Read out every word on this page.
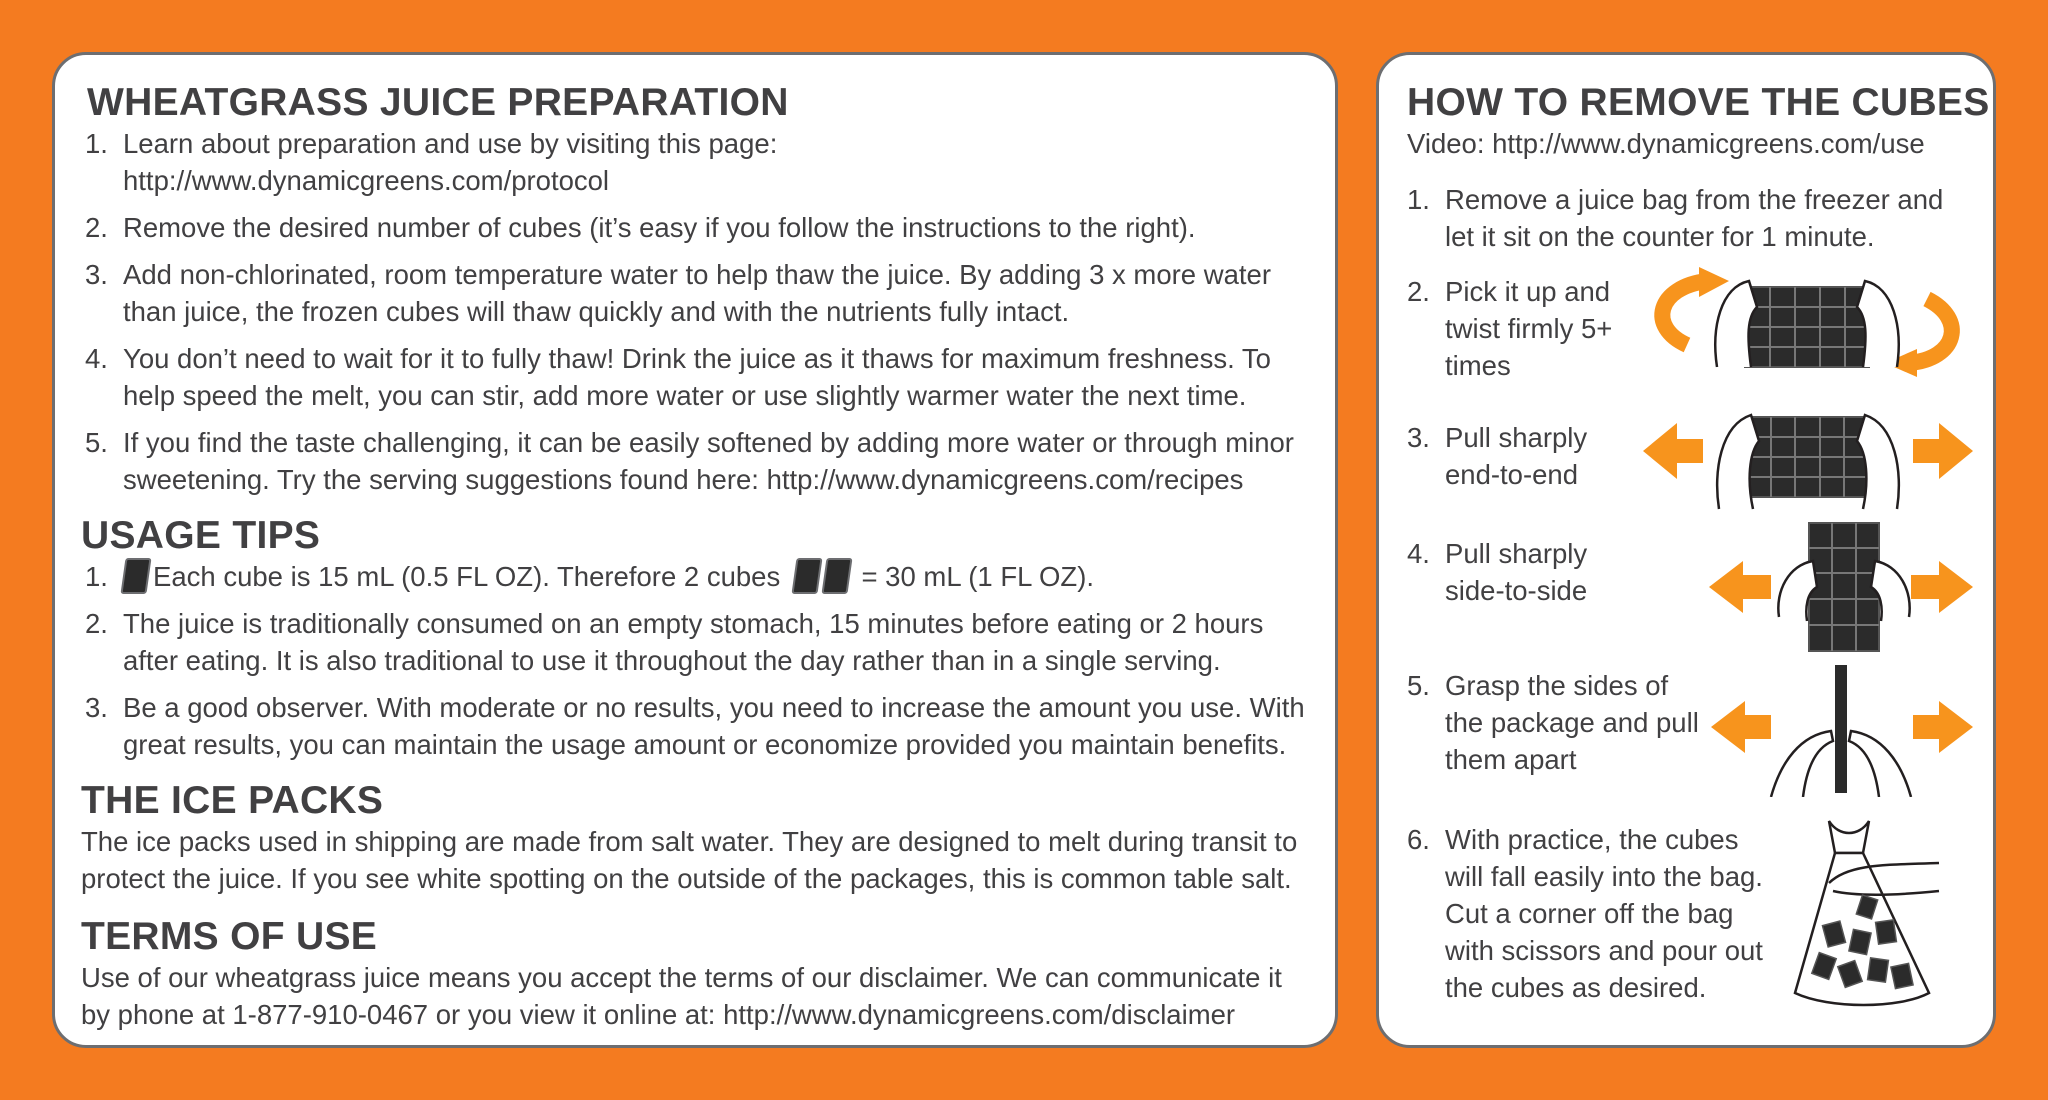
WHEATGRASS JUICE PREPARATION
1. Learn about preparation and use by visiting this page:
http://www.dynamicgreens.com/protocol
2. Remove the desired number of cubes (it’s easy if you follow the instructions to the right).
3. Add non-chlorinated, room temperature water to help thaw the juice. By adding 3 x more water
than juice, the frozen cubes will thaw quickly and with the nutrients fully intact.
4. You don’t need to wait for it to fully thaw! Drink the juice as it thaws for maximum freshness. To
help speed the melt, you can stir, add more water or use slightly warmer water the next time.
5. If you find the taste challenging, it can be easily softened by adding more water or through minor
sweetening. Try the serving suggestions found here: http://www.dynamicgreens.com/recipes
USAGE TIPS
1.	Each cube is 15 mL (0.5 FL OZ). Therefore 2 cubes	= 30 mL (1 FL OZ).
2. The juice is traditionally consumed on an empty stomach, 15 minutes before eating or 2 hours
after eating. It is also traditional to use it throughout the day rather than in a single serving.
3. Be a good observer. With moderate or no results, you need to increase the amount you use. With
great results, you can maintain the usage amount or economize provided you maintain benefits.
THE ICE PACKS

The ice packs used in shipping are made from salt water. They are designed to melt during transit to
protect the juice. If you see white spotting on the outside of the packages, this is common table salt.

TERMS OF USE

Use of our wheatgrass juice means you accept the terms of our disclaimer. We can communicate it
by phone at 1-877-910-0467 or you view it online at: http://www.dynamicgreens.com/disclaimer

HOW TO REMOVE THE CUBES

Video: http://www.dynamicgreens.com/use

1. Remove a juice bag from the freezer and
let it sit on the counter for 1 minute.
2. Pick it up and
twist firmly 5+
times
3. Pull sharply
end-to-end
4. Pull sharply
side-to-side
5. Grasp the sides of
the package and pull
them apart
6. With practice, the cubes
will fall easily into the bag.
Cut a corner off the bag
with scissors and pour out
the cubes as desired.
